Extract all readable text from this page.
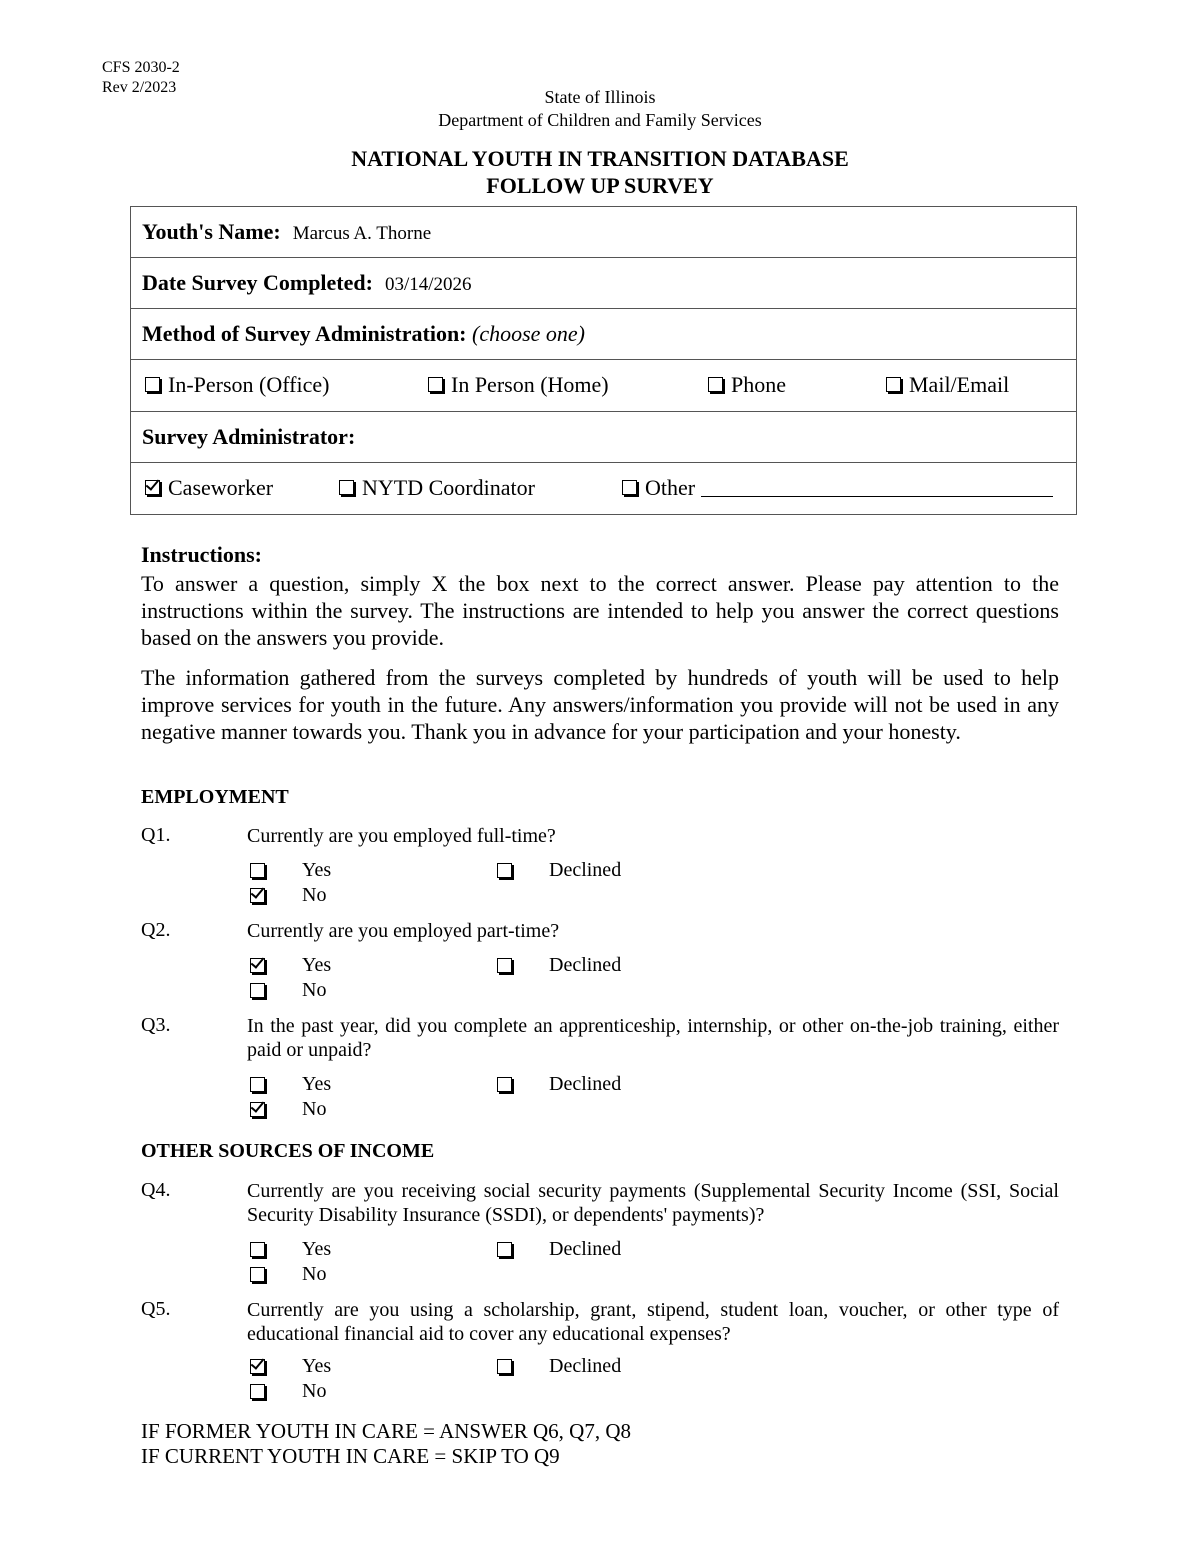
CFS 2030-2
Rev 2/2023	State of Illinois
Department of Children and Family Services
NATIONAL YOUTH IN TRANSITION DATABASE
FOLLOW UP SURVEY
Youth's Name: Marcus A. Thorne
Date Survey Completed: 03/14/2026
Method of Survey Administration: (choose one)

In-Person (Office)	In Person (Home)	Phone	Mail/Email

Survey Administrator:

Caseworker	NYTD Coordinator	Other
Instructions:
To answer a question, simply X the box next to the correct answer. Please pay attention to the instructions within the survey. The instructions are intended to help you answer the correct questions based on the answers you provide.
The information gathered from the surveys completed by hundreds of youth will be used to help improve services for youth in the future. Any answers/information you provide will not be used in any negative manner towards you. Thank you in advance for your participation and your honesty.
EMPLOYMENT
Q1.	Currently are you employed full-time?
Yes
No
Declined
Q2.	Currently are you employed part-time?
Yes
No
Declined
Q3.	In the past year, did you complete an apprenticeship, internship, or other on-the-job training, either paid or unpaid?
Yes
No
Declined
OTHER SOURCES OF INCOME
Q4.	Currently are you receiving social security payments (Supplemental Security Income (SSI, Social Security Disability Insurance (SSDI), or dependents' payments)?
Yes
No
Declined
Q5.	Currently are you using a scholarship, grant, stipend, student loan, voucher, or other type of educational financial aid to cover any educational expenses?
Yes
No
Declined
IF FORMER YOUTH IN CARE = ANSWER Q6, Q7, Q8
IF CURRENT YOUTH IN CARE = SKIP TO Q9
